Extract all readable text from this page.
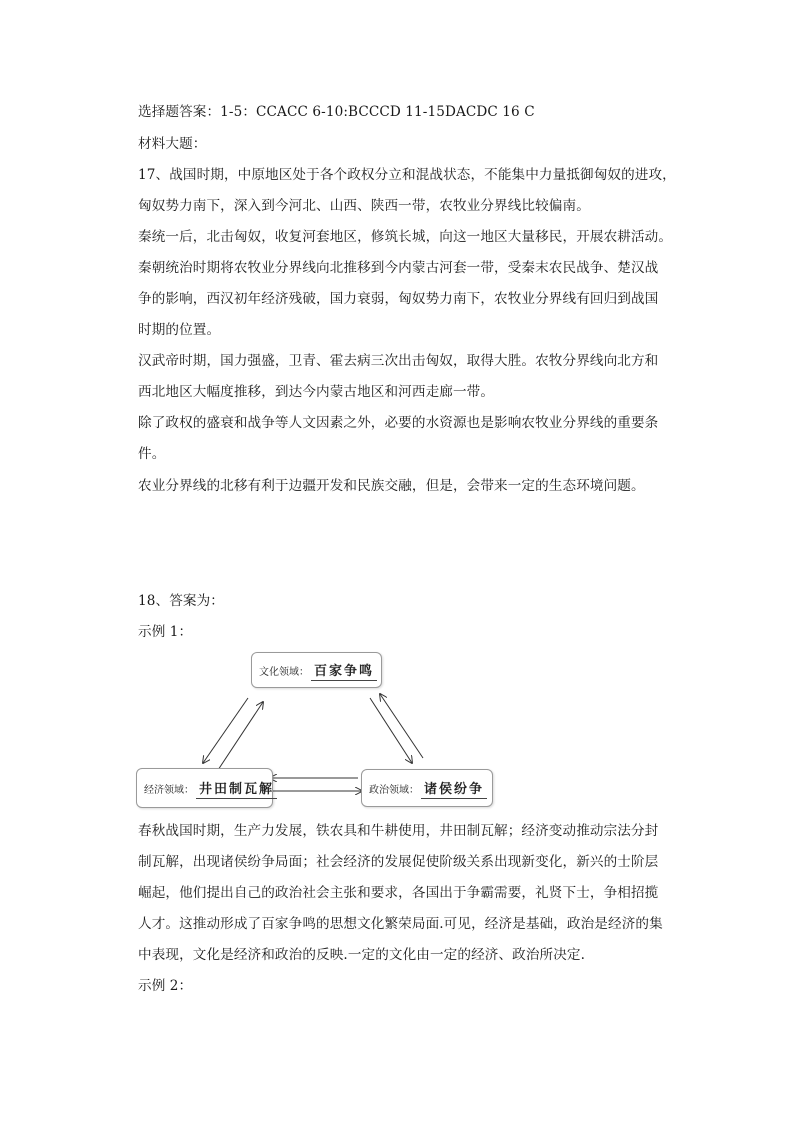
选择题答案：1-5：CCACC 6-10:BCCCD 11-15DACDC 16 C
材料大题：
17、战国时期，中原地区处于各个政权分立和混战状态，不能集中力量抵御匈奴的进攻，
匈奴势力南下，深入到今河北、山西、陕西一带，农牧业分界线比较偏南。
秦统一后，北击匈奴，收复河套地区，修筑长城，向这一地区大量移民，开展农耕活动。
秦朝统治时期将农牧业分界线向北推移到今内蒙古河套一带，受秦末农民战争、楚汉战
争的影响，西汉初年经济残破，国力衰弱，匈奴势力南下，农牧业分界线有回归到战国
时期的位置。
汉武帝时期，国力强盛，卫青、霍去病三次出击匈奴，取得大胜。农牧分界线向北方和
西北地区大幅度推移，到达今内蒙古地区和河西走廊一带。
除了政权的盛衰和战争等人文因素之外，必要的水资源也是影响农牧业分界线的重要条
件。
农业分界线的北移有利于边疆开发和民族交融，但是，会带来一定的生态环境问题。
18、答案为：
示例 1：
文化领域： 百家争鸣
经济领域： 井田制瓦解	政治领域： 诸侯纷争
春秋战国时期，生产力发展，铁农具和牛耕使用，井田制瓦解；经济变动推动宗法分封
制瓦解，出现诸侯纷争局面；社会经济的发展促使阶级关系出现新变化，新兴的士阶层
崛起，他们提出自己的政治社会主张和要求，各国出于争霸需要，礼贤下士，争相招揽
人才。这推动形成了百家争鸣的思想文化繁荣局面.可见，经济是基础，政治是经济的集
中表现，文化是经济和政治的反映.一定的文化由一定的经济、政治所决定.
示例 2：
